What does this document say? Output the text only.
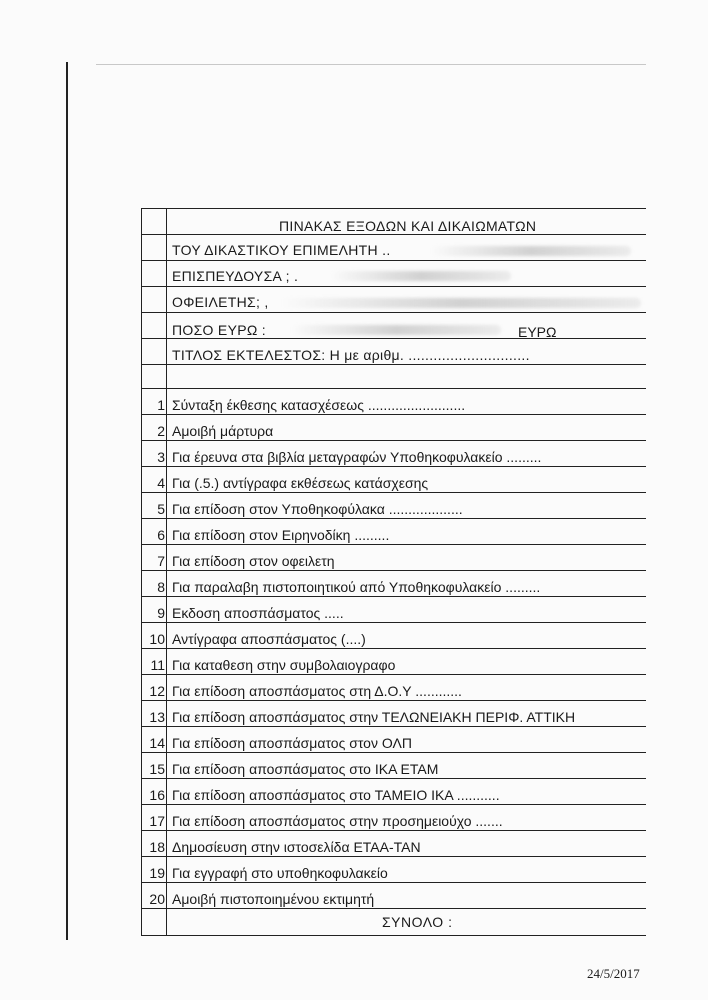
ΠΙΝΑΚΑΣ ΕΞΟΔΩΝ ΚΑΙ ΔΙΚΑΙΩΜΑΤΩΝ
ΤΟΥ ΔΙΚΑΣΤΙΚΟΥ ΕΠΙΜΕΛΗΤΗ ..
ΕΠΙΣΠΕΥΔΟΥΣΑ ; .
ΟΦΕΙΛΕΤΗΣ; ,
ΠΟΣΟ ΕΥΡΩ :	ΕΥΡΩ
ΤΙΤΛΟΣ ΕΚΤΕΛΕΣΤΟΣ: Η με αριθμ. .............................
1 Σύνταξη έκθεσης κατασχέσεως .........................
2 Αμοιβή μάρτυρα
3 Για έρευνα στα βιβλία μεταγραφών Υποθηκοφυλακείο .........
4 Για (.5.) αντίγραφα εκθέσεως κατάσχεσης
5 Για επίδοση στον Υποθηκοφύλακα ...................
6 Για επίδοση στον Ειρηνοδίκη .........
7 Για επίδοση στον οφειλετη
8 Για παραλαβη πιστοποιητικού από Υποθηκοφυλακείο .........
9 Εκδοση αποσπάσματος .....
10 Αντίγραφα αποσπάσματος (....)
11 Για καταθεση στην συμβολαιογραφο
12 Για επίδοση αποσπάσματος στη Δ.Ο.Υ ............
13 Για επίδοση αποσπάσματος στην ΤΕΛΩΝΕΙΑΚΗ ΠΕΡΙΦ. ΑΤΤΙΚΗ
14 Για επίδοση αποσπάσματος στον ΟΛΠ
15 Για επίδοση αποσπάσματος στο ΙΚΑ ΕΤΑΜ
16 Για επίδοση αποσπάσματος στο ΤΑΜΕΙΟ ΙΚΑ ...........
17 Για επίδοση αποσπάσματος στην προσημειούχο .......
18 Δημοσίευση στην ιστοσελίδα ΕΤΑΑ-ΤΑΝ
19 Για εγγραφή στο υποθηκοφυλακείο
20 Αμοιβή πιστοποιημένου εκτιμητή
ΣΥΝΟΛΟ :
24/5/2017
